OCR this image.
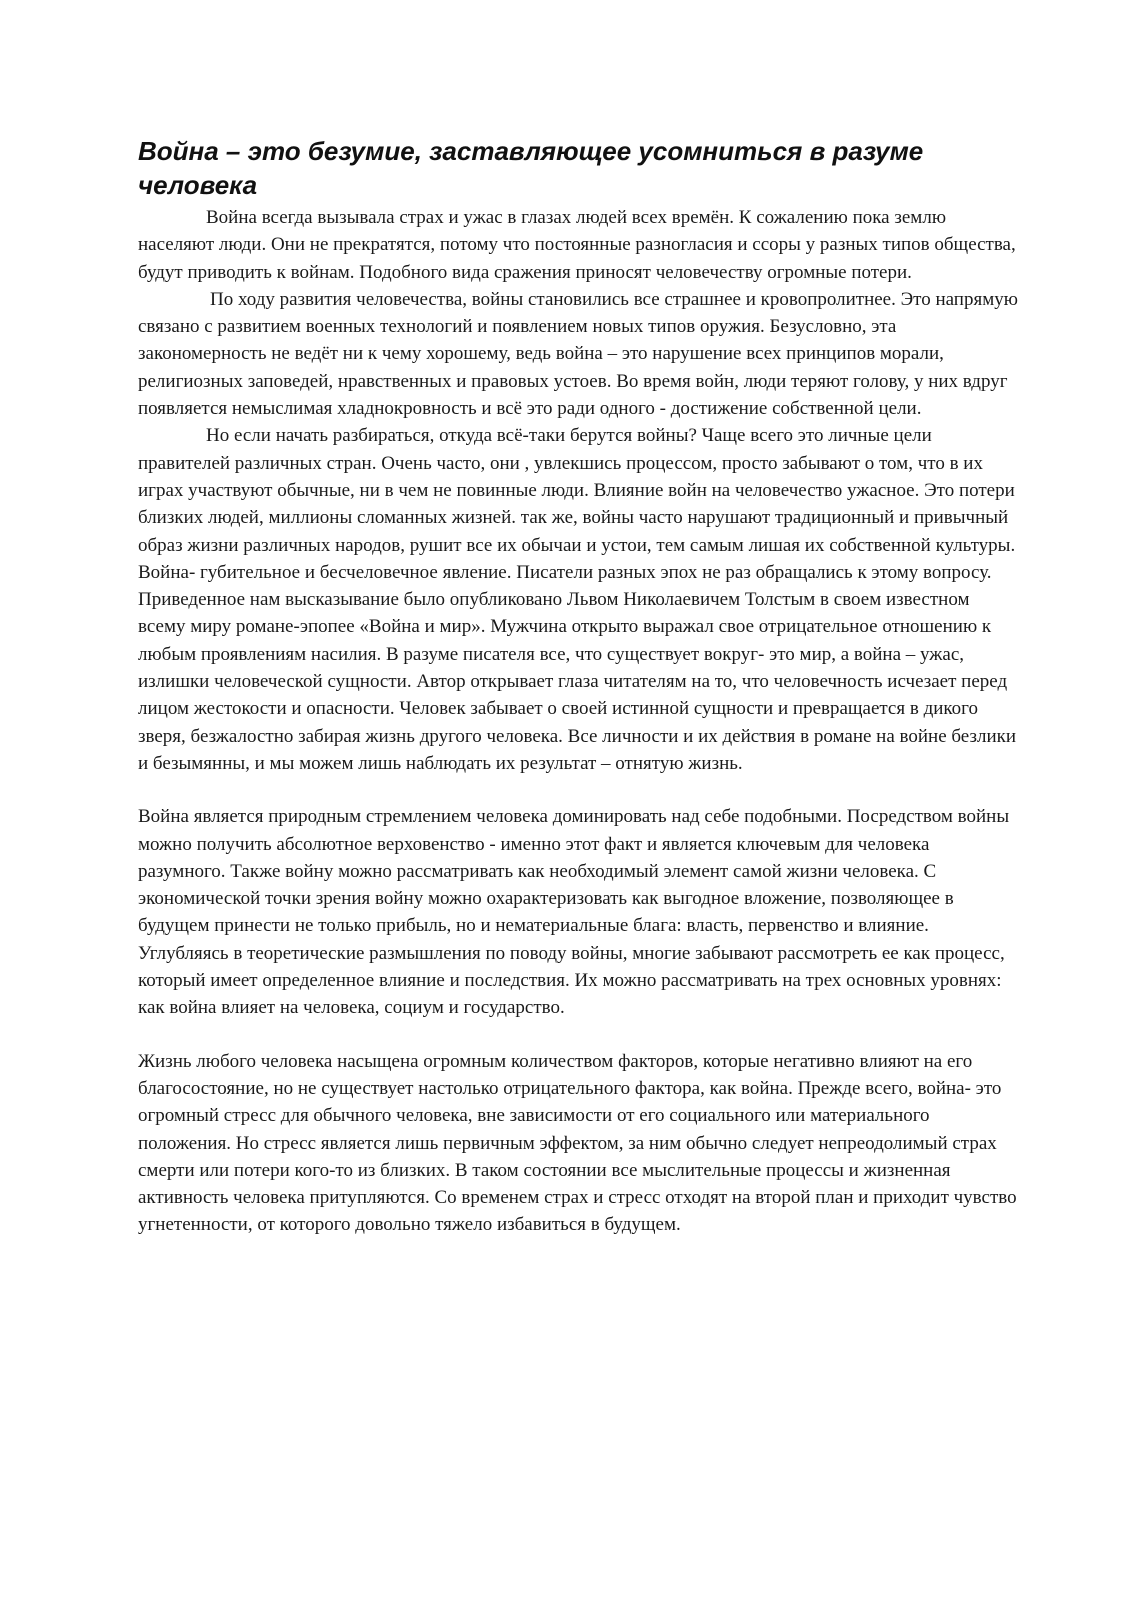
Война – это безумие, заставляющее усомниться в разуме человека

Война всегда вызывала страх и ужас в глазах людей всех времён. К сожалению пока землю населяют люди. Они не прекратятся, потому что постоянные разногласия и ссоры у разных типов общества, будут приводить к войнам. Подобного вида сражения приносят человечеству огромные потери.

По ходу развития человечества, войны становились все страшнее и кровопролитнее. Это напрямую связано с развитием военных технологий и появлением новых типов оружия. Безусловно, эта закономерность не ведёт ни к чему хорошему, ведь война – это нарушение всех принципов морали, религиозных заповедей, нравственных и правовых устоев. Во время войн, люди теряют голову, у них вдруг появляется немыслимая хладнокровность и всё это ради одного - достижение собственной цели.

Но если начать разбираться, откуда всё-таки берутся войны? Чаще всего это личные цели правителей различных стран. Очень часто, они , увлекшись процессом, просто забывают о том, что в их играх участвуют обычные, ни в чем не повинные люди. Влияние войн на человечество ужасное. Это потери близких людей, миллионы сломанных жизней. так же, войны часто нарушают традиционный и привычный образ жизни различных народов, рушит все их обычаи и устои, тем самым лишая их собственной культуры. Война- губительное и бесчеловечное явление. Писатели разных эпох не раз обращались к этому вопросу. Приведенное нам высказывание было опубликовано Львом Николаевичем Толстым в своем известном всему миру романе-эпопее «Война и мир». Мужчина открыто выражал свое отрицательное отношению к любым проявлениям насилия. В разуме писателя все, что существует вокруг- это мир, а война – ужас, излишки человеческой сущности. Автор открывает глаза читателям на то, что человечность исчезает перед лицом жестокости и опасности. Человек забывает о своей истинной сущности и превращается в дикого зверя, безжалостно забирая жизнь другого человека. Все личности и их действия в романе на войне безлики и безымянны, и мы можем лишь наблюдать их результат – отнятую жизнь.

Война является природным стремлением человека доминировать над себе подобными. Посредством войны можно получить абсолютное верховенство - именно этот факт и является ключевым для человека разумного. Также войну можно рассматривать как необходимый элемент самой жизни человека. С экономической точки зрения войну можно охарактеризовать как выгодное вложение, позволяющее в будущем принести не только прибыль, но и нематериальные блага: власть, первенство и влияние. Углубляясь в теоретические размышления по поводу войны, многие забывают рассмотреть ее как процесс, который имеет определенное влияние и последствия. Их можно рассматривать на трех основных уровнях: как война влияет на человека, социум и государство.

Жизнь любого человека насыщена огромным количеством факторов, которые негативно влияют на его благосостояние, но не существует настолько отрицательного фактора, как война. Прежде всего, война- это огромный стресс для обычного человека, вне зависимости от его социального или материального положения. Но стресс является лишь первичным эффектом, за ним обычно следует непреодолимый страх смерти или потери кого-то из близких. В таком состоянии все мыслительные процессы и жизненная активность человека притупляются. Со временем страх и стресс отходят на второй план и приходит чувство угнетенности, от которого довольно тяжело избавиться в будущем.
